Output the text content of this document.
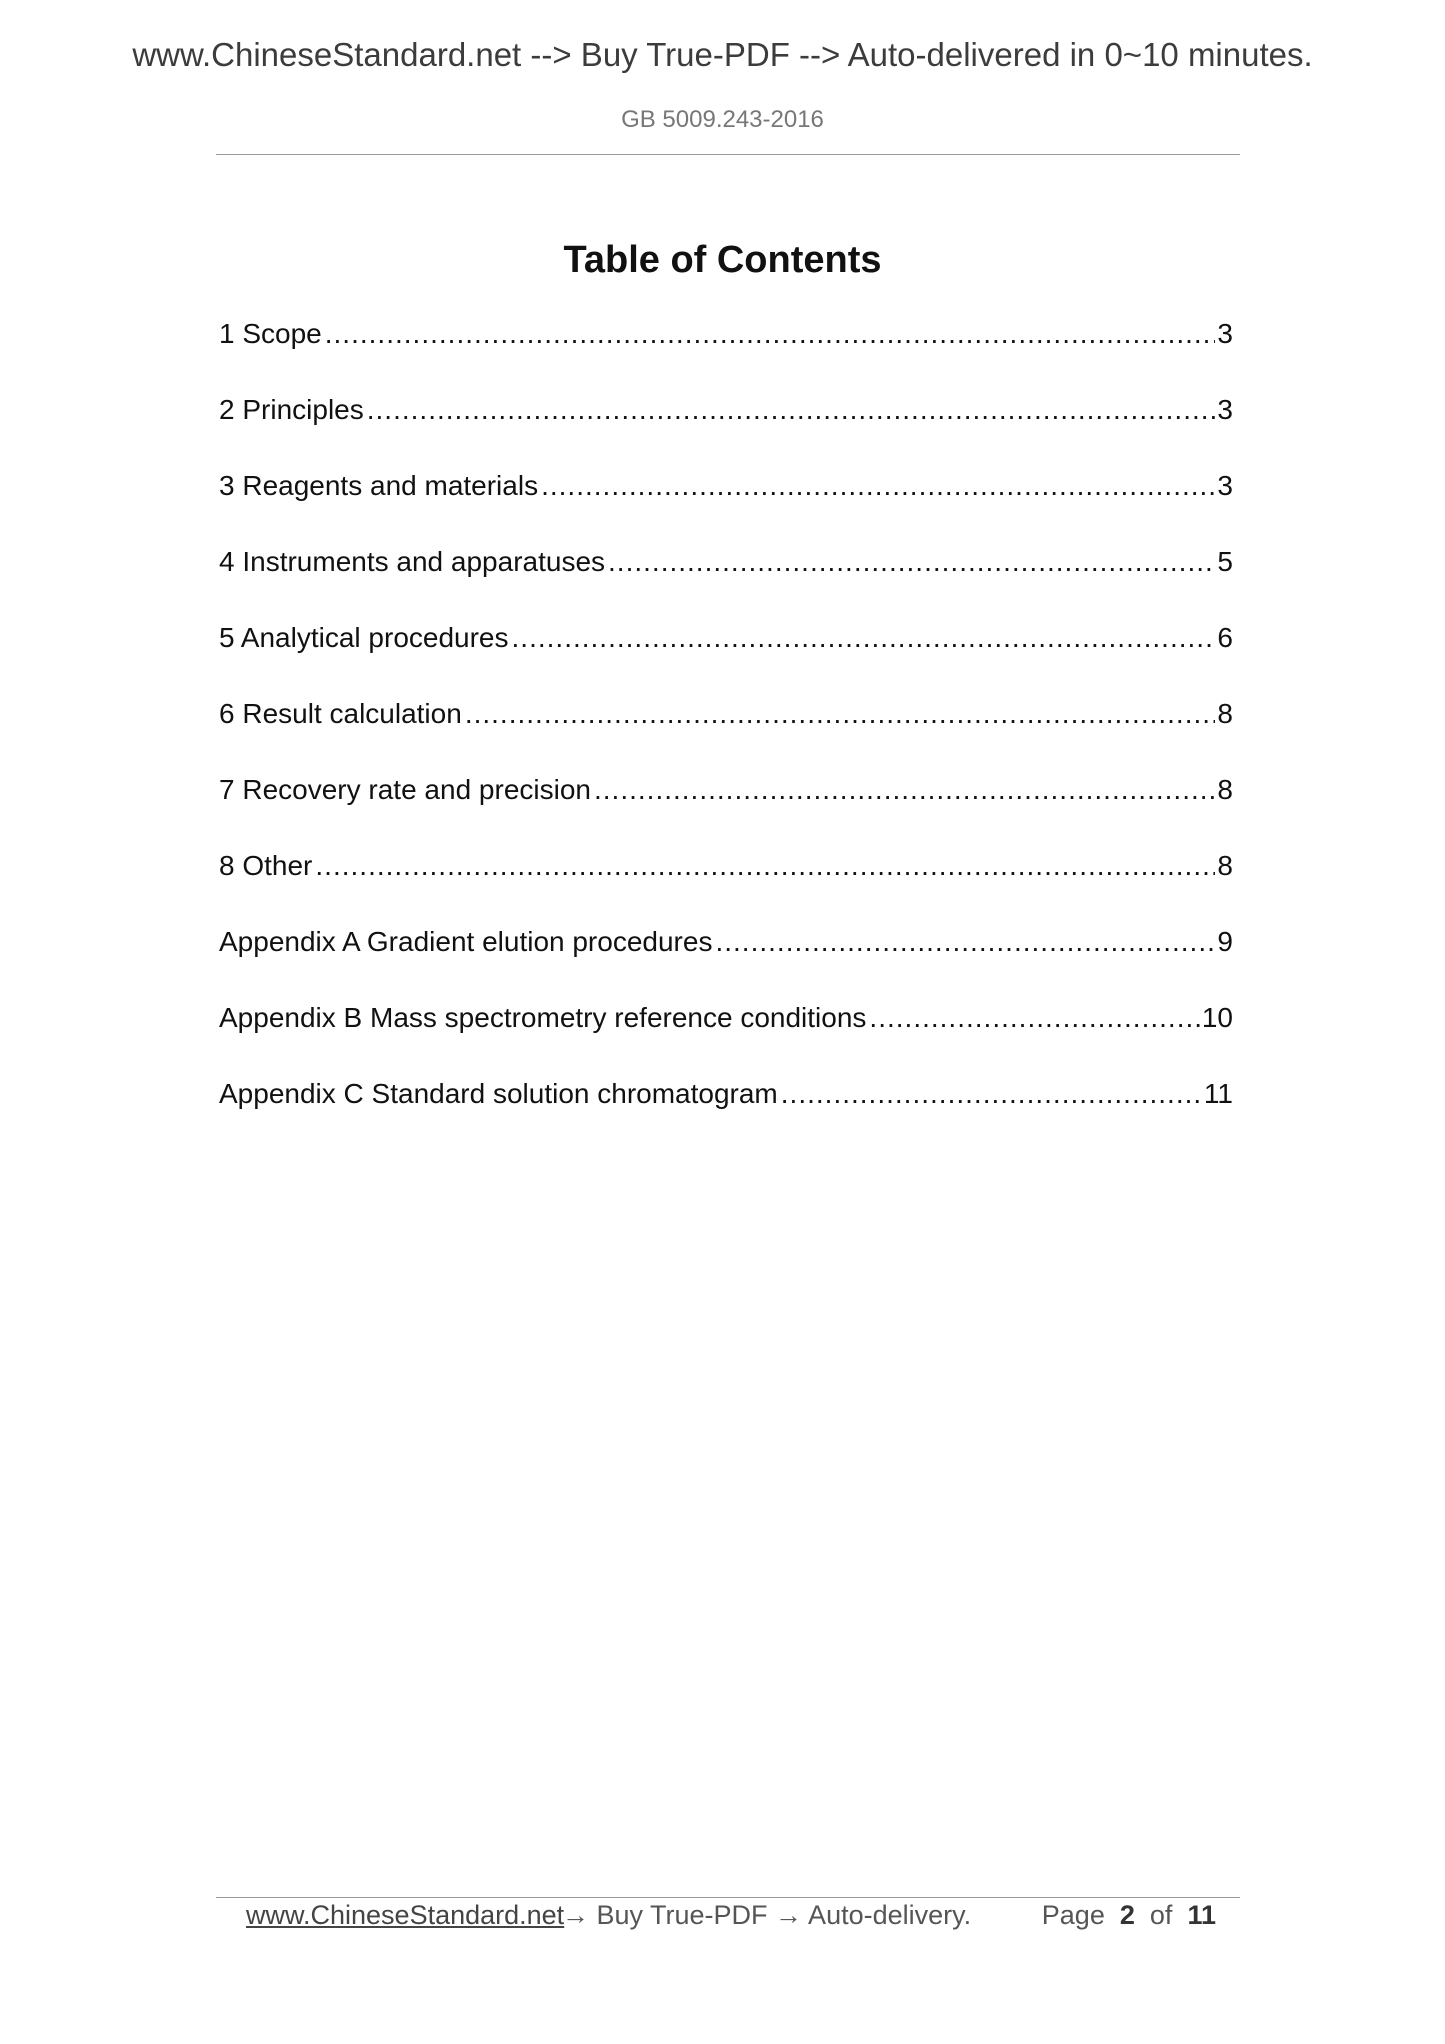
www.ChineseStandard.net --> Buy True-PDF --> Auto-delivered in 0~10 minutes.
GB 5009.243-2016
Table of Contents
1 Scope .....	3
2 Principles .....	3
3 Reagents and materials .....	3
4 Instruments and apparatuses .....	5
5 Analytical procedures .....	6
6 Result calculation .....	8
7 Recovery rate and precision .....	8
8 Other .....	8
Appendix A Gradient elution procedures .....	9
Appendix B Mass spectrometry reference conditions .....	10
Appendix C Standard solution chromatogram .....	11
www.ChineseStandard.net
→ Buy True-PDF → Auto-delivery.	Page 2 of 11
